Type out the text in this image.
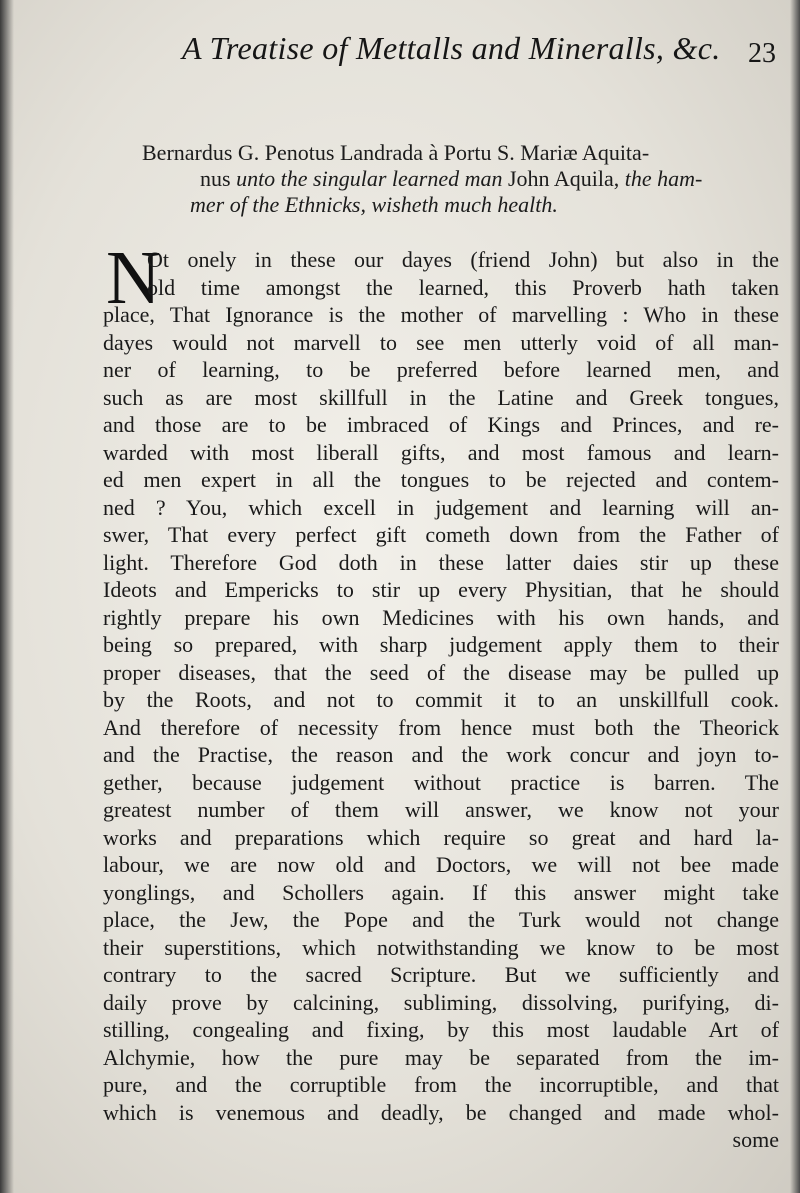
A Treatise of Mettalls and Mineralls, &c. 23
Bernardus G. Penotus Landrada à Portu S. Mariæ Aquita-
nus unto the singular learned man John Aquila, the ham-
mer of the Ethnicks, wisheth much health.
N
Ot onely in these our dayes (friend John) but also in the
old time amongst the learned, this Proverb hath taken
place, That Ignorance is the mother of marvelling : Who in these
dayes would not marvell to see men utterly void of all man-
ner of learning, to be preferred before learned men, and
such as are most skillfull in the Latine and Greek tongues,
and those are to be imbraced of Kings and Princes, and re-
warded with most liberall gifts, and most famous and learn-
ed men expert in all the tongues to be rejected and contem-
ned ? You, which excell in judgement and learning will an-
swer, That every perfect gift cometh down from the Father of
light. Therefore God doth in these latter daies stir up these
Ideots and Empericks to stir up every Physitian, that he should
rightly prepare his own Medicines with his own hands, and
being so prepared, with sharp judgement apply them to their
proper diseases, that the seed of the disease may be pulled up
by the Roots, and not to commit it to an unskillfull cook.
And therefore of necessity from hence must both the Theorick
and the Practise, the reason and the work concur and joyn to-
gether, because judgement without practice is barren. The
greatest number of them will answer, we know not your
works and preparations which require so great and hard la-
labour, we are now old and Doctors, we will not bee made
yonglings, and Schollers again. If this answer might take
place, the Jew, the Pope and the Turk would not change
their superstitions, which notwithstanding we know to be most
contrary to the sacred Scripture. But we sufficiently and
daily prove by calcining, subliming, dissolving, purifying, di-
stilling, congealing and fixing, by this most laudable Art of
Alchymie, how the pure may be separated from the im-
pure, and the corruptible from the incorruptible, and that
which is venemous and deadly, be changed and made whol-
some
